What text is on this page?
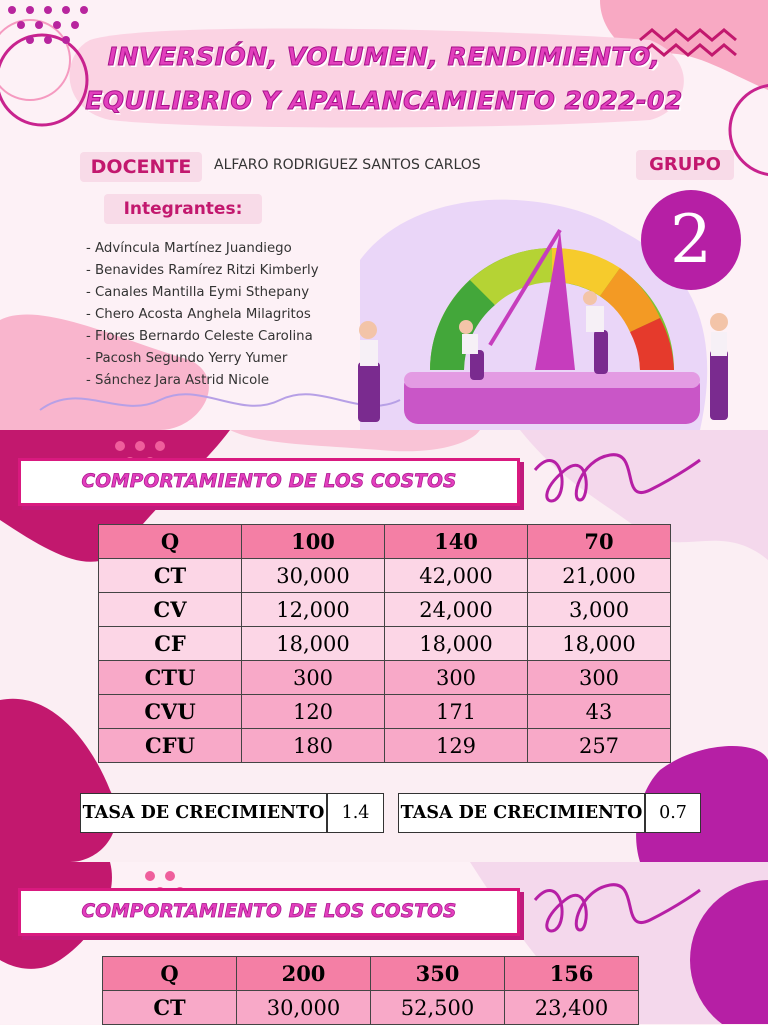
INVERSIÓN, VOLUMEN, RENDIMIENTO,
EQUILIBRIO Y APALANCAMIENTO 2022-02
DOCENTE	ALFARO RODRIGUEZ SANTOS CARLOS	GRUPO
2
Integrantes:
- Advíncula Martínez Juandiego
- Benavides Ramírez Ritzi Kimberly
- Canales Mantilla Eymi Sthepany
- Chero Acosta Anghela Milagritos
- Flores Bernardo Celeste Carolina
- Pacosh Segundo Yerry Yumer
- Sánchez Jara Astrid Nicole
COMPORTAMIENTO DE LOS COSTOS
Q	100	140	70
CT	30,000	42,000	21,000
CV	12,000	24,000	3,000
CF	18,000	18,000	18,000
CTU	300	300	300
CVU	120	171	43
CFU	180	129	257
TASA DE CRECIMIENTO 1.4	TASA DE CRECIMIENTO 0.7
COMPORTAMIENTO DE LOS COSTOS
Q	200	350	156
CT	30,000	52,500	23,400
